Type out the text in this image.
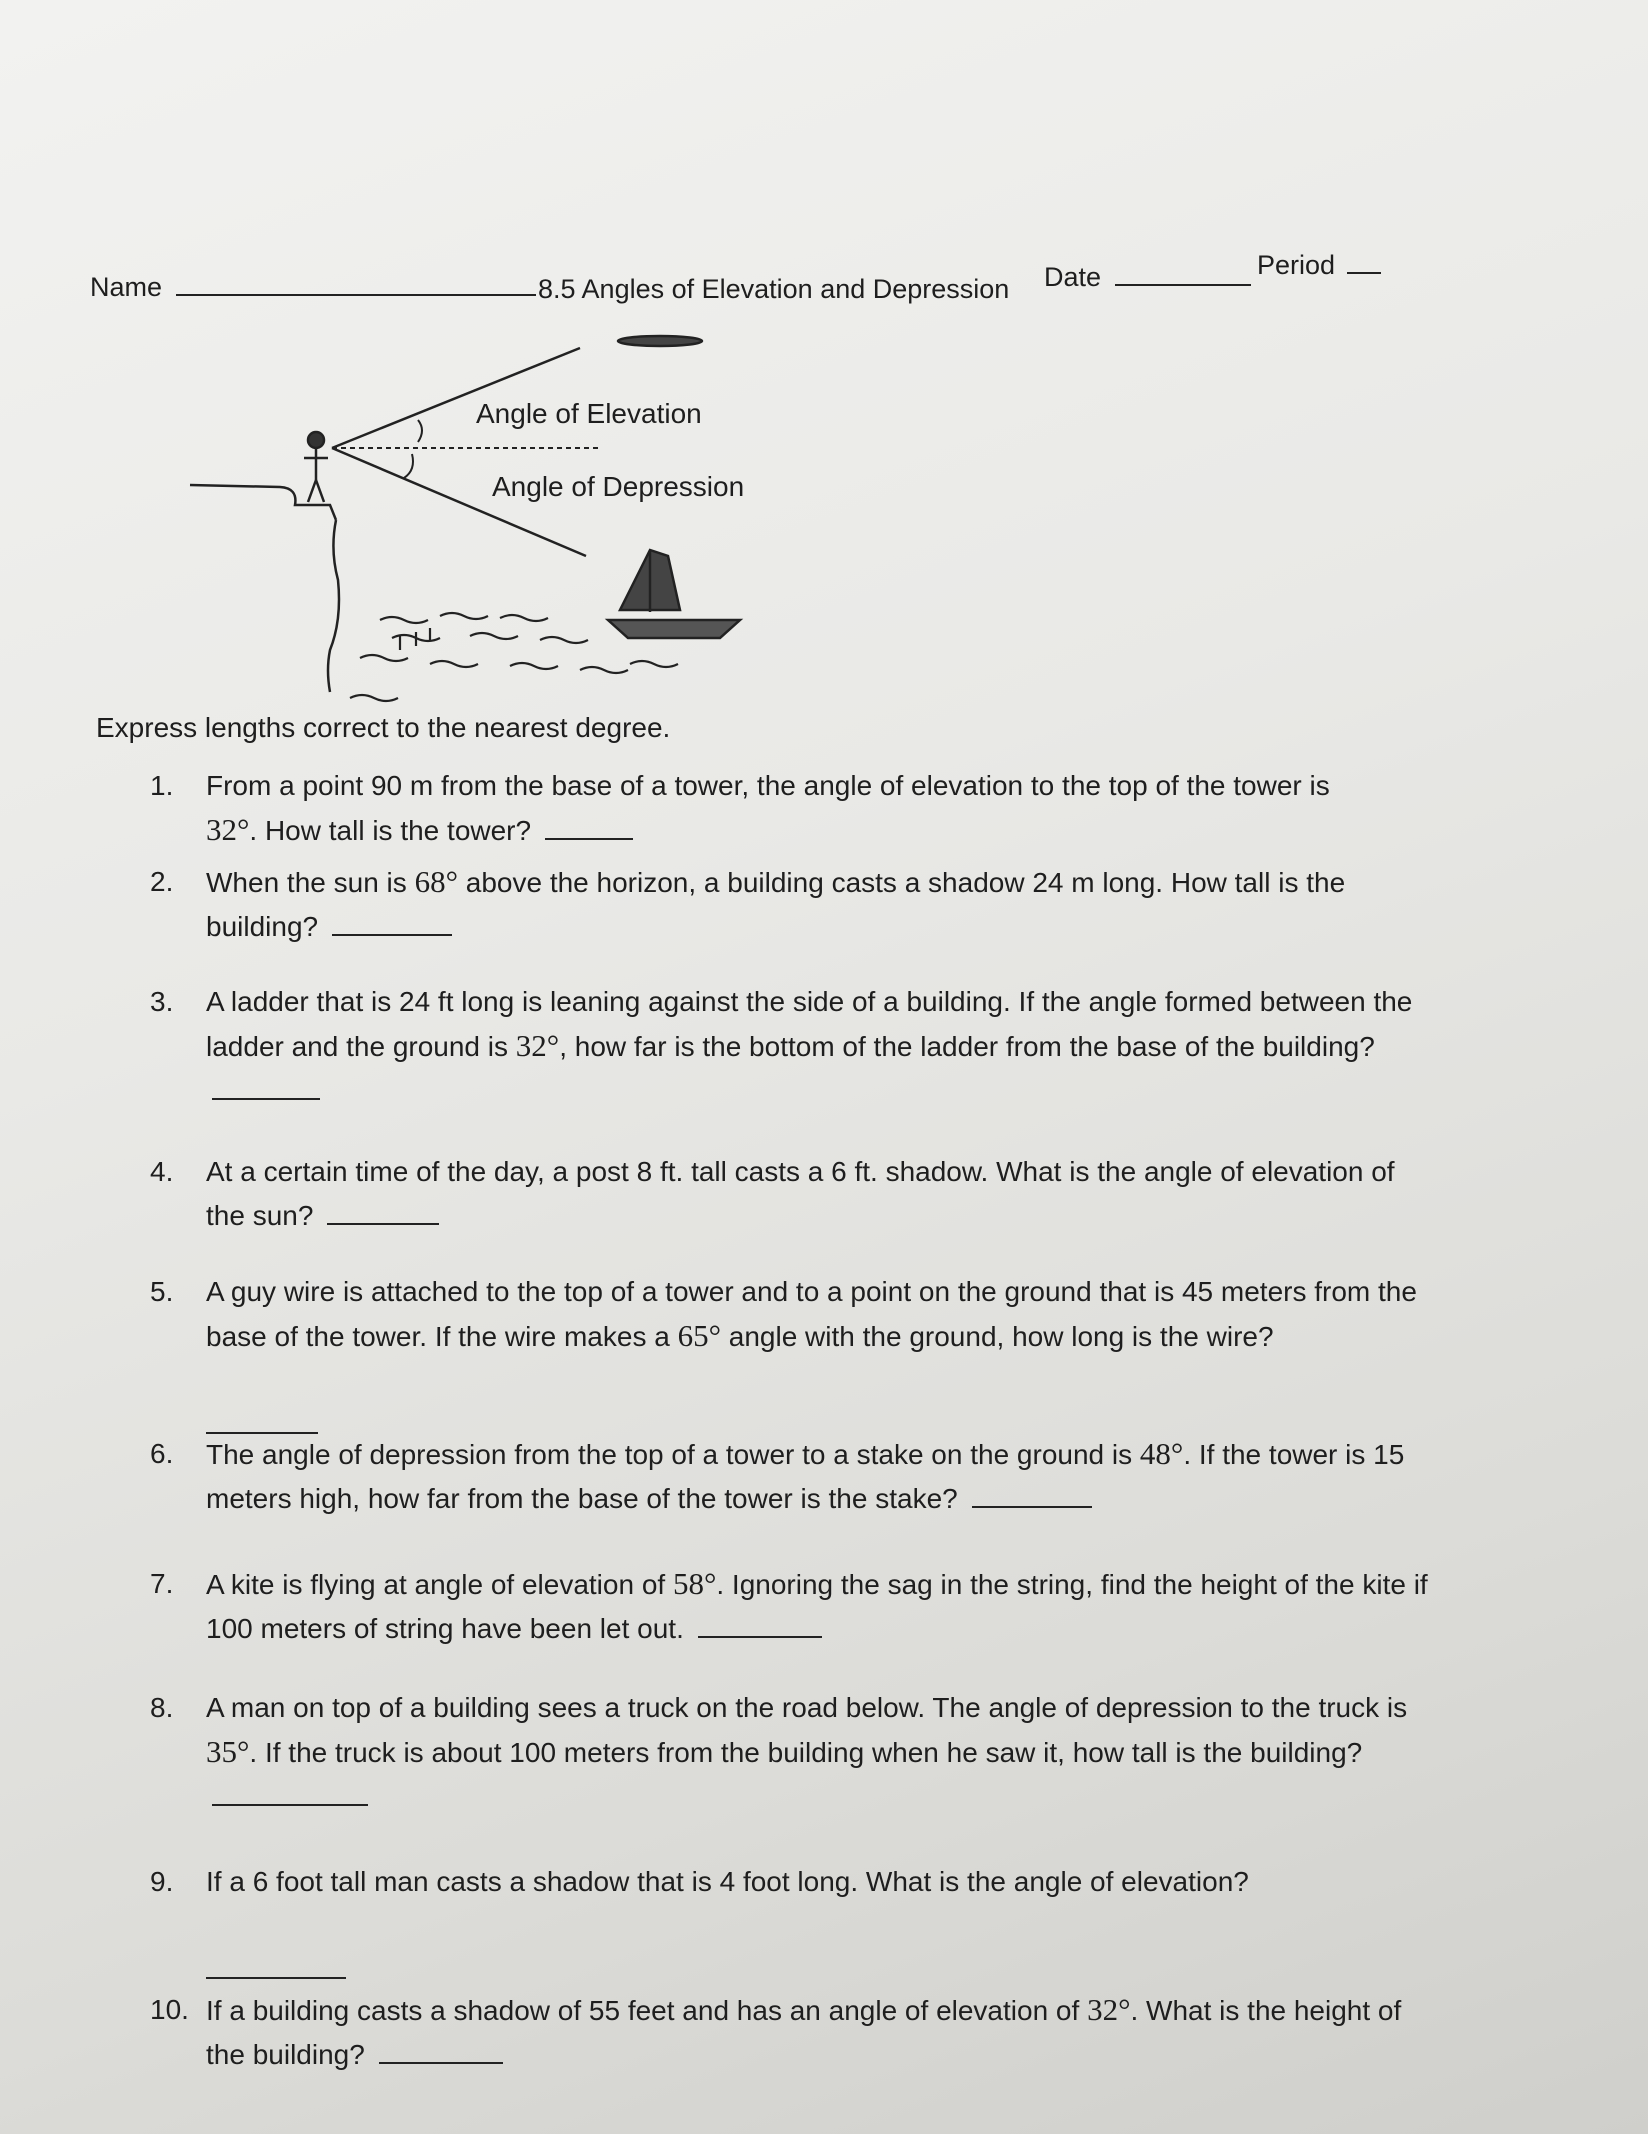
Name	8.5 Angles of Elevation and Depression Date	Period
Angle of Elevation
Angle of Depression
Express lengths correct to the nearest degree.
1. From a point 90 m from the base of a tower, the angle of elevation to the top of the tower is
32°. How tall is the tower?
2. When the sun is 68° above the horizon, a building casts a shadow 24 m long. How tall is the building?
3. A ladder that is 24 ft long is leaning against the side of a building. If the angle formed between the ladder and the ground is 32°, how far is the bottom of the ladder from the base of the building?
4. At a certain time of the day, a post 8 ft. tall casts a 6 ft. shadow. What is the angle of elevation of the sun?
5. A guy wire is attached to the top of a tower and to a point on the ground that is 45 meters from the base of the tower. If the wire makes a 65° angle with the ground, how long is the wire?

6. The angle of depression from the top of a tower to a stake on the ground is 48°. If the tower is 15 meters high, how far from the base of the tower is the stake?
7. A kite is flying at angle of elevation of 58°. Ignoring the sag in the string, find the height of the kite if 100 meters of string have been let out.
8. A man on top of a building sees a truck on the road below. The angle of depression to the truck is 35°. If the truck is about 100 meters from the building when he saw it, how tall is the building?
9. If a 6 foot tall man casts a shadow that is 4 foot long. What is the angle of elevation?

10. If a building casts a shadow of 55 feet and has an angle of elevation of 32°. What is the height of the building?
